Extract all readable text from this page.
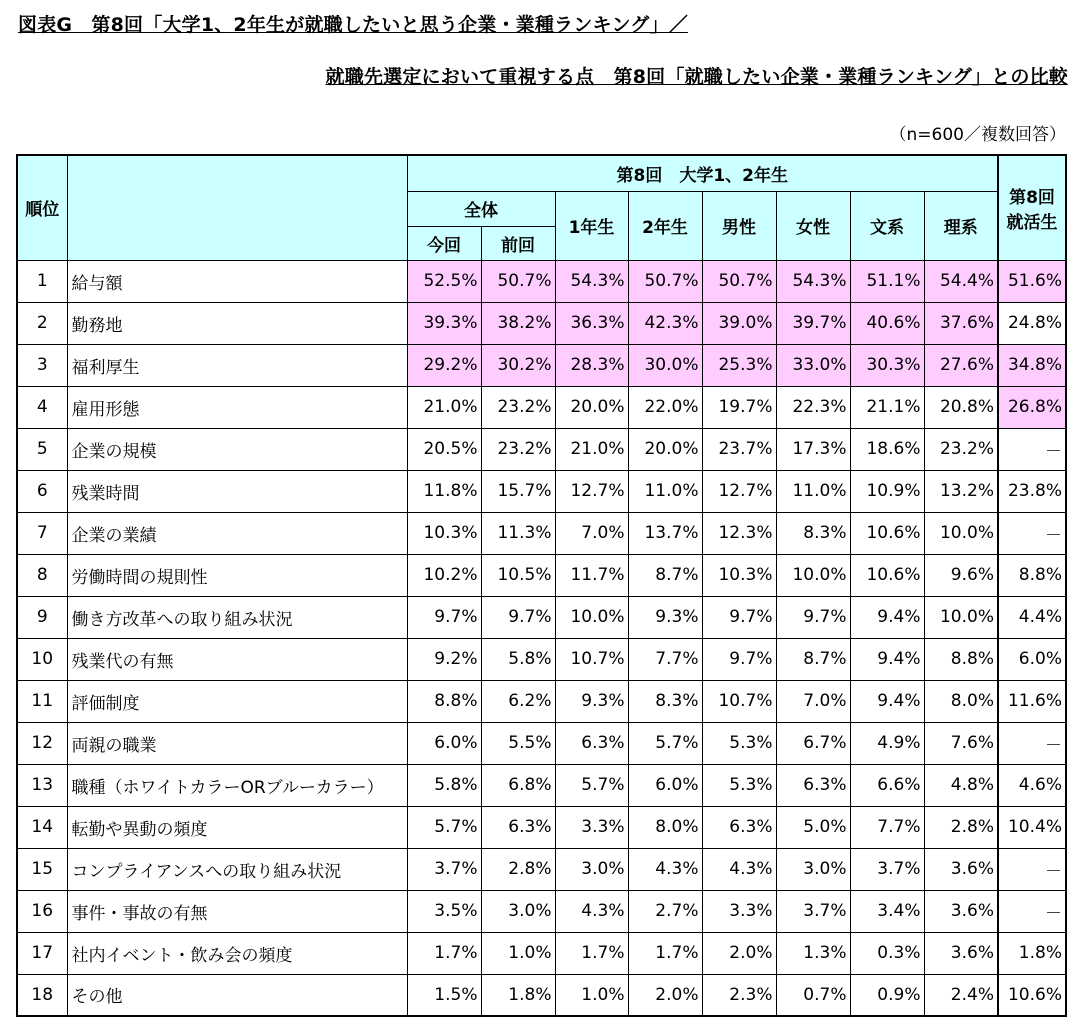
図表G　第8回「大学1、2年生が就職したいと思う企業・業種ランキング」／
就職先選定において重視する点　第8回「就職したい企業・業種ランキング」との比較
（n=600／複数回答）
順位		第8回　大学1、2年生								第8回
就活生

		全体		1年生	2年生	男性	女性	文系	理系	
		今回	前回							
1	給与額	52.5%	50.7%	54.3%	50.7%	50.7%	54.3%	51.1%	54.4%	51.6%
2	勤務地	39.3%	38.2%	36.3%	42.3%	39.0%	39.7%	40.6%	37.6%	24.8%
3	福利厚生	29.2%	30.2%	28.3%	30.0%	25.3%	33.0%	30.3%	27.6%	34.8%
4	雇用形態	21.0%	23.2%	20.0%	22.0%	19.7%	22.3%	21.1%	20.8%	26.8%
5	企業の規模	20.5%	23.2%	21.0%	20.0%	23.7%	17.3%	18.6%	23.2%	－
6	残業時間	11.8%	15.7%	12.7%	11.0%	12.7%	11.0%	10.9%	13.2%	23.8%
7	企業の業績	10.3%	11.3%	7.0%	13.7%	12.3%	8.3%	10.6%	10.0%	－
8	労働時間の規則性	10.2%	10.5%	11.7%	8.7%	10.3%	10.0%	10.6%	9.6%	8.8%
9	働き方改革への取り組み状況	9.7%	9.7%	10.0%	9.3%	9.7%	9.7%	9.4%	10.0%	4.4%
10	残業代の有無	9.2%	5.8%	10.7%	7.7%	9.7%	8.7%	9.4%	8.8%	6.0%
11	評価制度	8.8%	6.2%	9.3%	8.3%	10.7%	7.0%	9.4%	8.0%	11.6%
12	両親の職業	6.0%	5.5%	6.3%	5.7%	5.3%	6.7%	4.9%	7.6%	－
13	職種（ホワイトカラーORブルーカラー）	5.8%	6.8%	5.7%	6.0%	5.3%	6.3%	6.6%	4.8%	4.6%
14	転勤や異動の頻度	5.7%	6.3%	3.3%	8.0%	6.3%	5.0%	7.7%	2.8%	10.4%
15	コンプライアンスへの取り組み状況	3.7%	2.8%	3.0%	4.3%	4.3%	3.0%	3.7%	3.6%	－
16	事件・事故の有無	3.5%	3.0%	4.3%	2.7%	3.3%	3.7%	3.4%	3.6%	－
17	社内イベント・飲み会の頻度	1.7%	1.0%	1.7%	1.7%	2.0%	1.3%	0.3%	3.6%	1.8%
18	その他	1.5%	1.8%	1.0%	2.0%	2.3%	0.7%	0.9%	2.4%	10.6%
